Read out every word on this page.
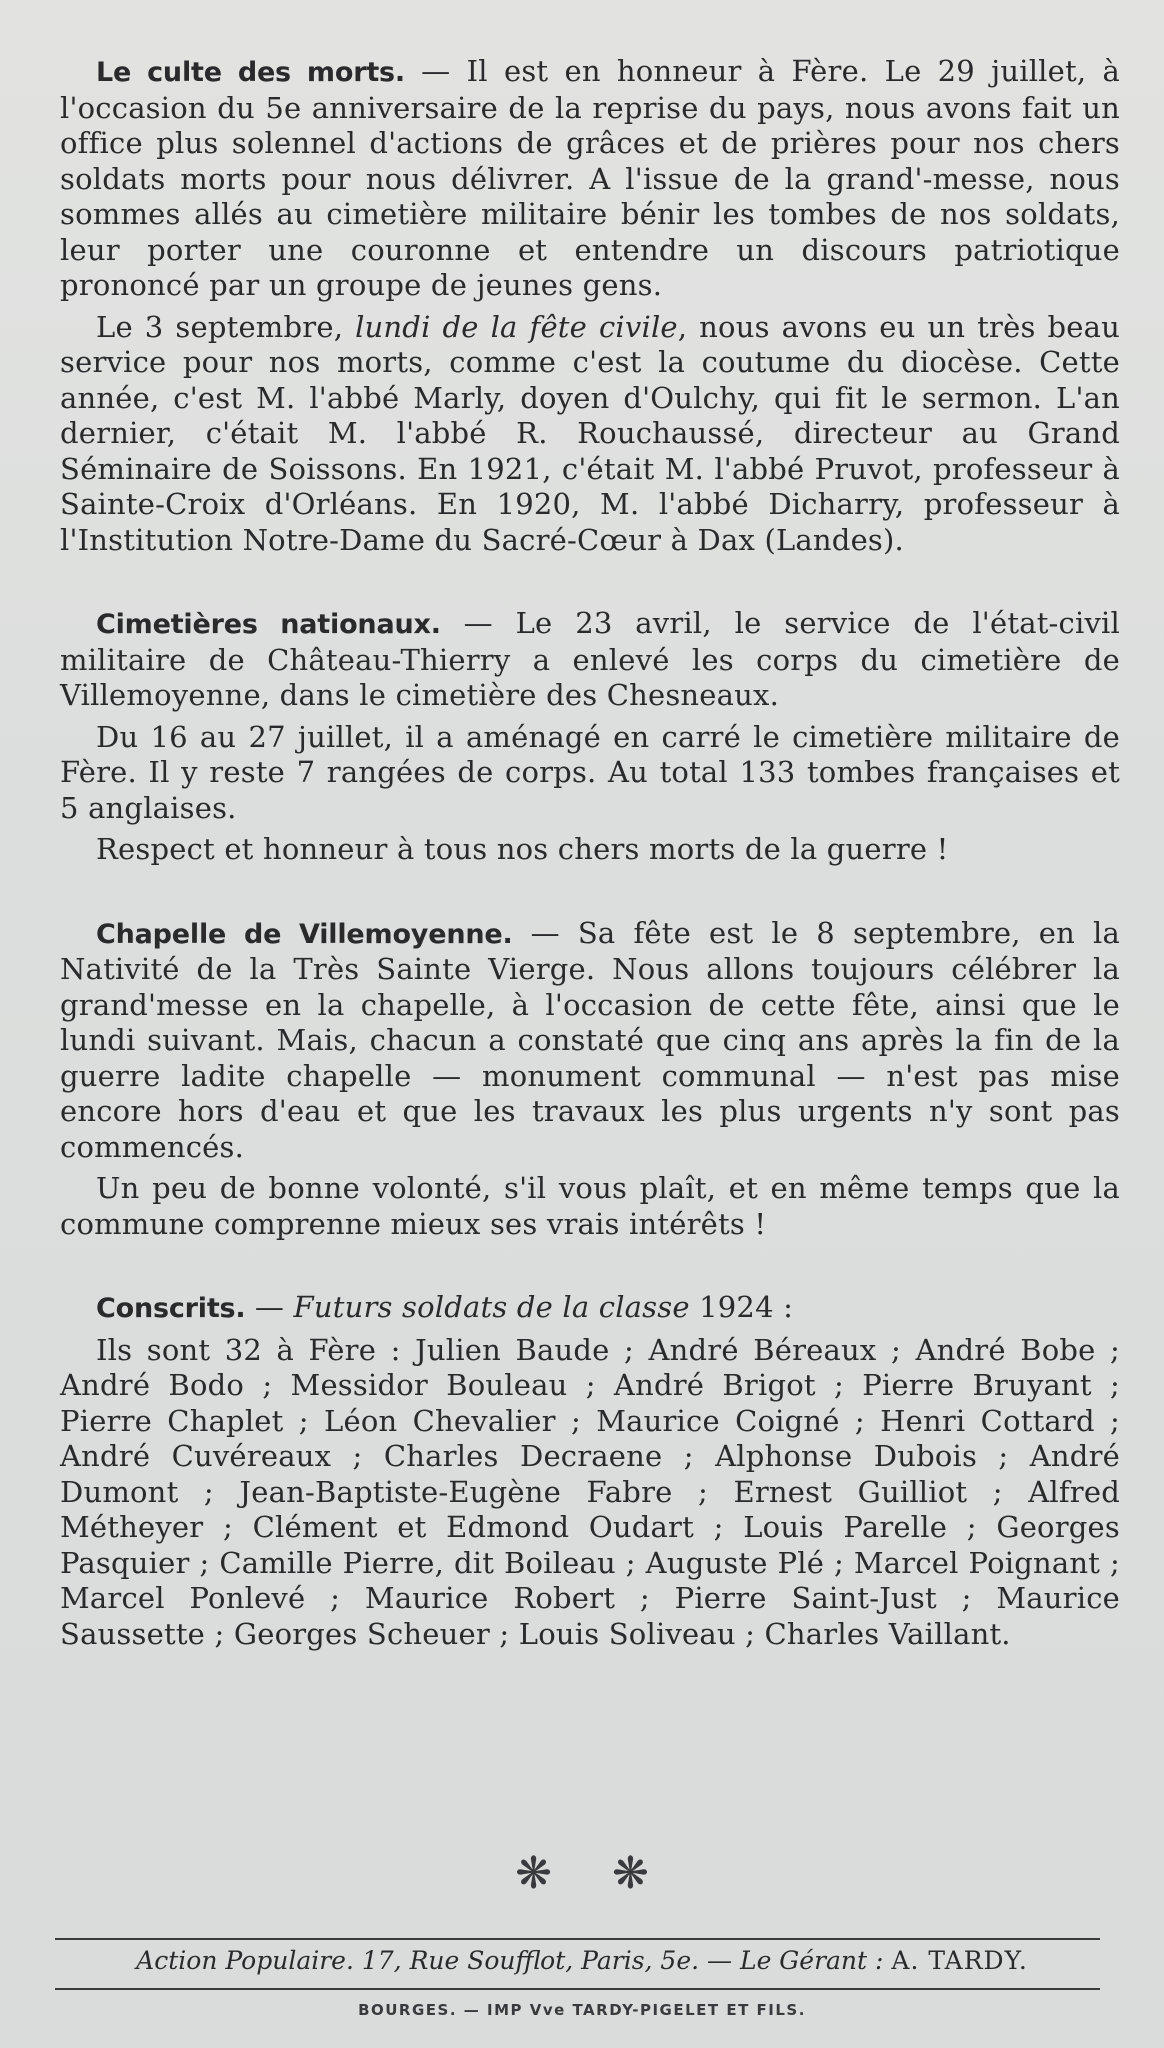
Le culte des morts. — Il est en honneur à Fère. Le 29 juillet, à l'occasion du 5e anniversaire de la reprise du pays, nous avons fait un office plus solennel d'actions de grâces et de prières pour nos chers soldats morts pour nous délivrer. A l'issue de la grand'-messe, nous sommes allés au cimetière militaire bénir les tombes de nos soldats, leur porter une couronne et entendre un discours patriotique prononcé par un groupe de jeunes gens.

Le 3 septembre, lundi de la fête civile, nous avons eu un très beau service pour nos morts, comme c'est la coutume du diocèse. Cette année, c'est M. l'abbé Marly, doyen d'Oulchy, qui fit le sermon. L'an dernier, c'était M. l'abbé R. Rouchaussé, directeur au Grand Séminaire de Soissons. En 1921, c'était M. l'abbé Pruvot, professeur à Sainte-Croix d'Orléans. En 1920, M. l'abbé Dicharry, professeur à l'Institution Notre-Dame du Sacré-Cœur à Dax (Landes).

Cimetières nationaux. — Le 23 avril, le service de l'état-civil militaire de Château-Thierry a enlevé les corps du cimetière de Villemoyenne, dans le cimetière des Chesneaux.

Du 16 au 27 juillet, il a aménagé en carré le cimetière militaire de Fère. Il y reste 7 rangées de corps. Au total 133 tombes françaises et 5 anglaises.

Respect et honneur à tous nos chers morts de la guerre !

Chapelle de Villemoyenne. — Sa fête est le 8 septembre, en la Nativité de la Très Sainte Vierge. Nous allons toujours célébrer la grand'messe en la chapelle, à l'occasion de cette fête, ainsi que le lundi suivant. Mais, chacun a constaté que cinq ans après la fin de la guerre ladite chapelle — monument communal — n'est pas mise encore hors d'eau et que les travaux les plus urgents n'y sont pas commencés.

Un peu de bonne volonté, s'il vous plaît, et en même temps que la commune comprenne mieux ses vrais intérêts !

Conscrits. — Futurs soldats de la classe 1924 :

Ils sont 32 à Fère : Julien Baude ; André Béreaux ; André Bobe ; André Bodo ; Messidor Bouleau ; André Brigot ; Pierre Bruyant ; Pierre Chaplet ; Léon Chevalier ; Maurice Coigné ; Henri Cottard ; André Cuvéreaux ; Charles Decraene ; Alphonse Dubois ; André Dumont ; Jean-Baptiste-Eugène Fabre ; Ernest Guilliot ; Alfred Métheyer ; Clément et Edmond Oudart ; Louis Parelle ; Georges Pasquier ; Camille Pierre, dit Boileau ; Auguste Plé ; Marcel Poignant ; Marcel Ponlevé ; Maurice Robert ; Pierre Saint-Just ; Maurice Saussette ; Georges Scheuer ; Louis Soliveau ; Charles Vaillant.

❋❋
Action Populaire. 17, Rue Soufflot, Paris, 5e. — Le Gérant : A. TARDY.
BOURGES. — IMP Vve TARDY-PIGELET ET FILS.
